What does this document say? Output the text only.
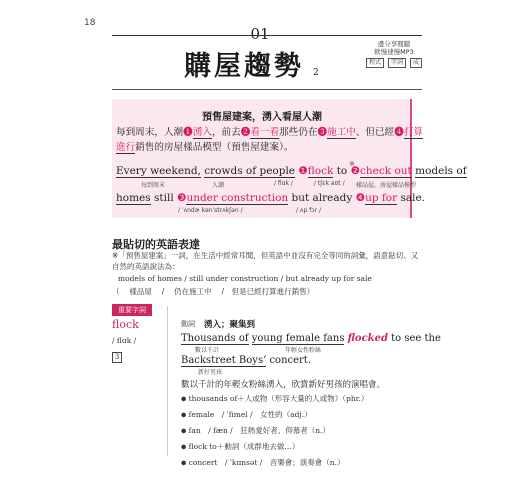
18
01
購屋趨勢 2
邊分享閱聽
軟慢速慢MP3
程式	字詞	成
預售屋建案，湧入看屋人潮
每到周末，人潮❶湧入，前去❷看一看那些仍在❸施工中、但已經❹打算
進行銷售的房屋樣品模型（預售屋建案）。
※
Every weekend, crowds of people ❶flock to ❷check out models of
每到周末	人潮	/ flɑk /	/ tʃɛk aʊt / 樣品屋，房屋樣品模型
homes still ❸under construction but already ❹up for sale.
/ ˈʌndɚ kənˈstrʌkʃən /	/ ʌp fɔr /
最貼切的英語表達
※「預售屋建案」一詞，在生活中經常耳聞，但英語中並沒有完全等同的詞彙，語意貼切、又自然的英語說法為：
models of homes / still under construction / but already up for sale
（　 樣品屋　 /　 仍在施工中　 /　但是已經打算進行銷售）
重要字詞
flock
/ flɑk /
3
動詞 湧入；聚集到
Thousands of young female fans flocked to see the
數以千計	年輕女性粉絲
Backstreet Boys’ concert.
新好男孩
數以千計的年輕女粉絲湧入，欣賞新好男孩的演唱會。
● thousands of＋人或物（形容大量的人或物）（phr.）
● female　/ ˈfimel /　女性的（adj.）
● fan　/ fæn /　狂熱愛好者、仰慕者（n.）
● flock to＋動詞（成群地去做…）
● concert　/ ˈkɑnsət /　音樂會；演奏會（n.）
